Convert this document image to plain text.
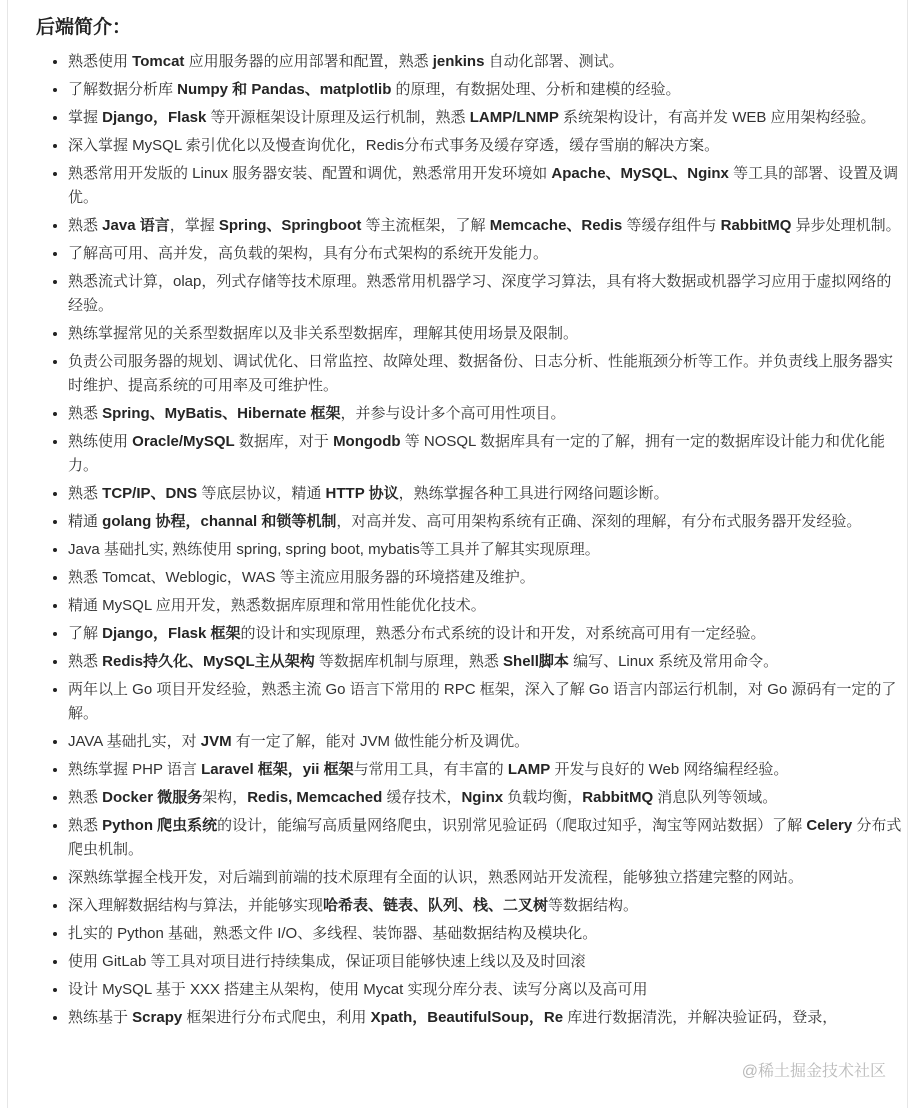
后端简介：
• 熟悉使用 Tomcat 应用服务器的应用部署和配置，熟悉 jenkins 自动化部署、测试。
• 了解数据分析库 Numpy 和 Pandas、matplotlib 的原理，有数据处理、分析和建模的经验。
• 掌握 Django，Flask 等开源框架设计原理及运行机制，熟悉 LAMP/LNMP 系统架构设计，有高并发 WEB 应用架构经验。
• 深入掌握 MySQL 索引优化以及慢查询优化，Redis分布式事务及缓存穿透，缓存雪崩的解决方案。
• 熟悉常用开发版的 Linux 服务器安装、配置和调优，熟悉常用开发环境如 Apache、MySQL、Nginx 等工具的部署、设置及调优。
• 熟悉 Java 语言，掌握 Spring、Springboot 等主流框架，了解 Memcache、Redis 等缓存组件与 RabbitMQ 异步处理机制。
• 了解高可用、高并发，高负载的架构，具有分布式架构的系统开发能力。
• 熟悉流式计算，olap，列式存储等技术原理。熟悉常用机器学习、深度学习算法，具有将大数据或机器学习应用于虚拟网络的经验。
• 熟练掌握常见的关系型数据库以及非关系型数据库，理解其使用场景及限制。
• 负责公司服务器的规划、调试优化、日常监控、故障处理、数据备份、日志分析、性能瓶颈分析等工作。并负责线上服务器实时维护、提高系统的可用率及可维护性。
• 熟悉 Spring、MyBatis、Hibernate 框架，并参与设计多个高可用性项目。
• 熟练使用 Oracle/MySQL 数据库，对于 Mongodb 等 NOSQL 数据库具有一定的了解，拥有一定的数据库设计能力和优化能力。
• 熟悉 TCP/IP、DNS 等底层协议，精通 HTTP 协议，熟练掌握各种工具进行网络问题诊断。
• 精通 golang 协程，channal 和锁等机制，对高并发、高可用架构系统有正确、深刻的理解，有分布式服务器开发经验。
• Java 基础扎实, 熟练使用 spring, spring boot, mybatis等工具并了解其实现原理。
• 熟悉 Tomcat、Weblogic，WAS 等主流应用服务器的环境搭建及维护。
• 精通 MySQL 应用开发，熟悉数据库原理和常用性能优化技术。
• 了解 Django，Flask 框架的设计和实现原理，熟悉分布式系统的设计和开发，对系统高可用有一定经验。
• 熟悉 Redis持久化、MySQL主从架构 等数据库机制与原理，熟悉 Shell脚本 编写、Linux 系统及常用命令。
• 两年以上 Go 项目开发经验，熟悉主流 Go 语言下常用的 RPC 框架，深入了解 Go 语言内部运行机制，对 Go 源码有一定的了解。
• JAVA 基础扎实，对 JVM 有一定了解，能对 JVM 做性能分析及调优。
• 熟练掌握 PHP 语言 Laravel 框架，yii 框架与常用工具，有丰富的 LAMP 开发与良好的 Web 网络编程经验。
• 熟悉 Docker 微服务架构，Redis, Memcached 缓存技术，Nginx 负载均衡，RabbitMQ 消息队列等领域。
• 熟悉 Python 爬虫系统的设计，能编写高质量网络爬虫，识别常见验证码（爬取过知乎，淘宝等网站数据）了解 Celery 分布式爬虫机制。
• 深熟练掌握全栈开发，对后端到前端的技术原理有全面的认识，熟悉网站开发流程，能够独立搭建完整的网站。
• 深入理解数据结构与算法，并能够实现哈希表、链表、队列、栈、二叉树等数据结构。
• 扎实的 Python 基础，熟悉文件 I/O、多线程、装饰器、基础数据结构及模块化。
• 使用 GitLab 等工具对项目进行持续集成，保证项目能够快速上线以及及时回滚
• 设计 MySQL 基于 XXX 搭建主从架构，使用 Mycat 实现分库分表、读写分离以及高可用
• 熟练基于 Scrapy 框架进行分布式爬虫，利用 Xpath，BeautifulSoup，Re 库进行数据清洗，并解决验证码，登录，
@稀土掘金技术社区
